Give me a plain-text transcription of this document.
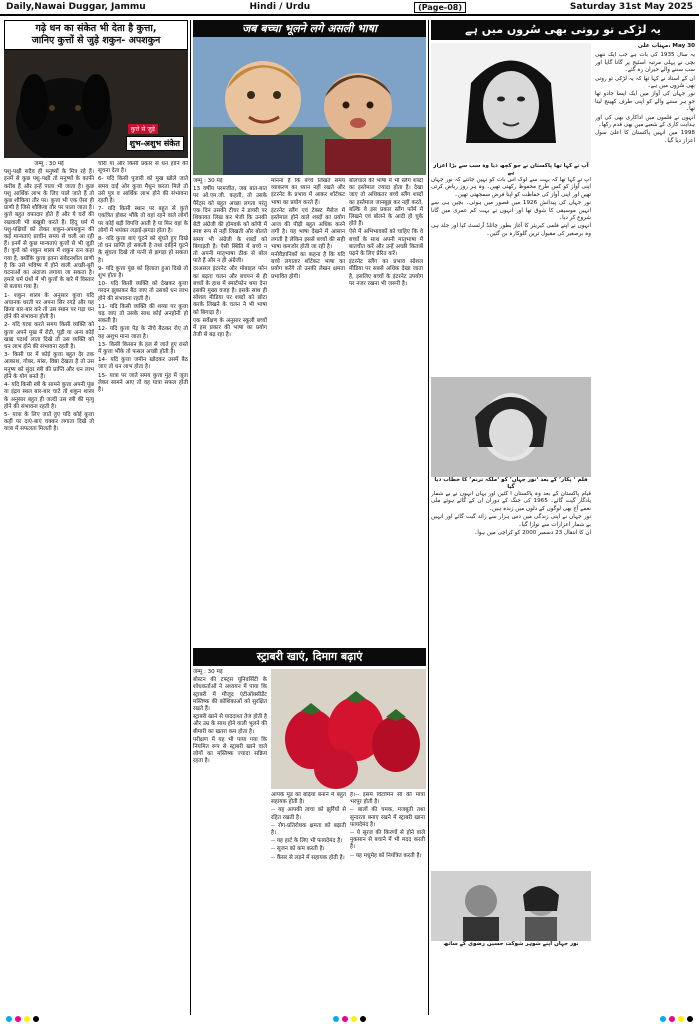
Daily,Nawai Duggar, Jammu	Hindi / Urdu	(Page-08)	Saturday 31st May 2025
गढ़े धन का संकेत भी देता है कुत्ता,
जानिए कुत्तों से जुड़े शकुन- अपशकुन
कुत्ते से जुड़े
शुभ-अशुभ संकेत

जम्मू : 30 मई

पशु-पक्षी सदैव ही मनुष्यों के मित्र रहे हैं। इनमें से कुछ पशु-पक्षी तो मनुष्यों के काफी करीब हैं और इन्हें पाला भी जाता है। कुछ पशु आर्थिक लाभ के लिए पाले जाते हैं तो कुछ शौकिया तौर पर। कुत्ता भी एक ऐसा ही प्राणी है जिसे शौकिया तौर पर पाला जाता है। कुत्ते बहुत वफादार होते हैं और ये घरों की रखवाली भी बखूबी करते हैं। हिंदू धर्म में पशु-पक्षियों को लेकर शकुन-अपशकुन की कई मान्यताएं प्राचीन समय से चली आ रही हैं। इनमें से कुछ मान्यताएं कुत्तों से भी जुड़ी हैं। कुत्ते को शकुन शास्त्र में शकुन रत्न कहा गया है, क्योंकि कुत्ता इतना संवेदनशील प्राणी है कि उसे भविष्य में होने वाली अच्छी-बुरी घटनाओं का अंदाजा लगाया जा सकता है। हमारे धर्म ग्रंथों में भी कुत्तों के बारे में विस्तार से बताया गया है।

1- शकुन शास्त्र के अनुसार कुत्ता यदि अचानक धरती पर अपना सिर रगड़े और यह क्रिया बार-बार करे तो उस स्थान पर गड़ा धन होने की संभावना होती है।

2- यदि यात्रा करते समय किसी व्यक्ति को कुत्ता अपने मुख में रोटी, पूड़ी या अन्य कोई खाद्य पदार्थ लाता दिखे तो उस व्यक्ति को धन लाभ होने की संभावना रहती है।

3- किसी घर में कोई कुत्ता बहुत देर तक आकाश, गोबर, मांस, विष्ठा देखता है तो उस मनुष्य को सुंदर स्त्री की प्राप्ति और धन लाभ होने के योग बनते हैं।

4- यदि किसी स्त्री के सामने कुत्ता अपनी पूंछ या इंद्रय स्थल बार-बार चाटे तो शकुन शास्त्र के अनुसार बहुत ही जल्दी उस स्त्री की मृत्यु होने की संभावना रहती है।

5- यात्रा के लिए जाते हुए यदि कोई कुत्ता कहीं पर दाएं-बाएं चक्कर लगाता दिखे तो यात्रा में सफलता मिलती है।

चोरी या और किसी प्रकार से धन हानि की सूचना देता है।

6- यदि किसी पुजारी को मुख खोले जाते समय दाईं ओर कुत्ता मैथुन करता मिले तो उसे पुत्र व आर्थिक लाभ होने की संभावना रहती है।

7- यदि किसी स्थान पर बहुत से कुत्ते एकत्रित होकर भौंकें तो वहां रहने वाले लोगों पर कोई बड़ी विपत्ति आती है या फिर वहां के लोगों में भयंकर लड़ाई-झगड़ा होता है।

8- यदि कुत्ता बाएं घुटने को सूंघते हुए दिखे तो धन प्राप्ति हो सकती है तथा दाहिने घुटने के सूंघता दिखे तो पत्नी से झगड़ा हो सकता है।

9- यदि कुत्ता पूंछ को हिलाता हुआ दिखे तो शुभ होता है।

10- यदि किसी व्यक्ति को देखकर कुत्ता गरदन झुकाकर बैठ जाए तो उसको धन लाभ होने की संभावना रहती है।

11- यदि किसी व्यक्ति की शय्या पर कुत्ता चढ़ जाए तो उसके साथ कोई अनहोनी हो सकती है।

12- यदि कुत्ता पेड़ के नीचे बैठकर रोए तो यह अशुभ माना जाता है।

13- किसी किसान के हल से जाते हुए रास्ते में कुत्ता भौंके तो फसल अच्छी होती है।

14- यदि कुत्ता जमीन खोदकर उसमें बैठ जाए तो धन लाभ होता है।

15- यात्रा पर जाते समय कुत्ता मुंह में जूता लेकर सामने आए तो वह यात्रा सफल होती है।

जब बच्चा भूलने लगे असली भाषा

जम्मू : 30 मई

13 वर्षीय परमजीत, जब बात-बात पर ओ.एम.जी. कहती, तो उसके पैरेंट्स को बहुत अच्छा लगता परंतु एक दिन उसकी टीचर ने डायरी पर शिकायत लिख कर भेजी कि उनकी बेटी अंग्रेजी की होमवर्क को कॉपी में स्पष्ट रूप से नहीं लिखती और बोलते समय भी अंग्रेजी के शब्दों को बिगाड़ती है। ऐसी स्थिति में बच्चे न तो अपनी मातृभाषा ठीक से बोल पाते हैं और न ही अंग्रेजी।

दरअसल इंटरनेट और मोबाइल फोन का बढ़ता चलन और बचपन से ही बच्चों के हाथ में स्मार्टफोन थमा देना इसकी मुख्य वजह है। इसके साथ ही सोशल मीडिया पर शब्दों को छोटा करके लिखने के चलन ने भी भाषा को बिगाड़ा है।

एक सर्वेक्षण के अनुसार स्कूली बच्चों में इस प्रकार की भाषा का प्रयोग तेजी से बढ़ रहा है।

मानना है कि बच्चे लिखते समय व्याकरण का ध्यान नहीं रखते और इंटरनेट के प्रभाव में आकर शॉर्टकट भाषा का प्रयोग करते हैं।

इंटरनेट स्लैंग एवं टेक्स्ट मैसेज में इस्तेमाल होने वाले शब्दों का प्रयोग आज की पीढ़ी बहुत अधिक करने लगी है। यह भाषा देखने में आसान लगती है लेकिन इससे बच्चों की सही भाषा कमजोर होती जा रही है।

मनोवैज्ञानिकों का कहना है कि यदि बच्चे लगातार शॉर्टकट भाषा का प्रयोग करेंगे तो उनकी लेखन क्षमता प्रभावित होगी।

बोलचाल की भाषा में भी स्लैंग शब्दों का इस्तेमाल ज्यादा होता है। देखा जाए तो अधिकतर बच्चे स्लैंग शब्दों का इस्तेमाल जानबूझ कर नहीं करते, बल्कि वे इस प्रकार स्लैंग फॉर्म में लिखने एवं बोलने के आदी हो चुके होते हैं।

ऐसे में अभिभावकों को चाहिए कि वे बच्चों के साथ अपनी मातृभाषा में बातचीत करें और उन्हें अच्छी किताबें पढ़ने के लिए प्रेरित करें।

इंटरनेट स्लैंग का प्रभाव सोशल मीडिया पर सबसे अधिक देखा जाता है, इसलिए बच्चों के इंटरनेट उपयोग पर नजर रखना भी जरूरी है।

स्ट्राबरी खाएं, दिमाग बढ़ाएं

जम्मू : 30 मई

बोस्टन की टफ्ट्स यूनिवर्सिटी के शोधकर्ताओं ने अध्ययन में पाया कि स्ट्राबरी में मौजूद एंटीऑक्सीडेंट मस्तिष्क की कोशिकाओं को सुरक्षित रखते हैं।

स्ट्राबरी खाने से याददाश्त तेज होती है और उम्र के साथ होने वाली भूलने की बीमारी का खतरा कम होता है।

परीक्षण में यह भी पाया गया कि नियमित रूप से स्ट्राबरी खाने वाले लोगों का मस्तिष्क ज्यादा सक्रिय रहता है।

आपके मूड को बढ़िया बनाने में बहुत सहायक होती है।

-- यह आपकी त्वचा को झुर्रियों से रहित रखती है।

-- रोग-प्रतिरोधक क्षमता को बढ़ाती है।

-- यह हार्ट के लिए भी फायदेमंद है।

-- सूजन को कम करती है।

-- कैंसर से लड़ने में सहायक होती है।

है।-- इसमें विटामिन सी की मात्रा भरपूर होती है।

-- बालों की चमक, मजबूती तथा सुन्दरता बनाए रखने में स्ट्राबरी खाना फायदेमंद है।

-- ये सूरज की किरणों से होने वाले नुकसान से बचाने में भी मदद करती है।

-- यह मधुमेह को नियंत्रित करती है।

یہ لڑکی تو روتی بھی سُروں میں ہے
آپ نے کہا تھا پاکستان نے جو کچھ دیا وہ سب سے بڑا اعزاز ہے

آپ نے کہا تھا کہ بہت سے لوگ اس بات کو نہیں جانتے کہ نور جہاں اپنی آواز کو کس طرح محفوظ رکھتی تھیں۔ وہ ہر روز ریاض کرتی تھیں اور اپنی آواز کی حفاظت کو اپنا فرض سمجھتی تھیں۔

نور جہاں کی پیدائش 1926 میں قصور میں ہوئی۔ بچپن ہی سے انہیں موسیقی کا شوق تھا اور انہوں نے بہت کم عمری میں گانا شروع کر دیا۔

انہوں نے اپنے فلمی کیریئر کا آغاز بطور چائلڈ آرٹسٹ کیا اور جلد ہی وہ برصغیر کی مقبول ترین گلوکارہ بن گئیں۔

فلم ‘ پکار’ کے بعد ‘نور جہاں’ کو ‘ملکہ ترنم’ کا خطاب دیا گیا

قیام پاکستان کے بعد وہ پاکستان آ گئیں اور یہاں انہوں نے بے شمار یادگار گیت گائے۔ 1965 کی جنگ کے دوران ان کے گائے ہوئے ملی نغمے آج بھی لوگوں کے دلوں میں زندہ ہیں۔

نور جہاں نے اپنی زندگی میں دس ہزار سے زائد گیت گائے اور انہیں بے شمار اعزازات سے نوازا گیا۔

ان کا انتقال 23 دسمبر 2000 کو کراچی میں ہوا۔

نور جہاں اپنے شوہر شوکت حسین رضوی کے ساتھ
30 May ،مہتاب علی

یہ سال 1935 کی بات ہے جب ایک ننھی بچی نے پہلی مرتبہ اسٹیج پر گانا گایا اور سب سننے والے حیران رہ گئے۔

ان کے استاد نے کہا تھا کہ یہ لڑکی تو روتی بھی سُروں میں ہے۔

نور جہاں کی آواز میں ایک ایسا جادو تھا جو ہر سننے والے کو اپنی طرف کھینچ لیتا تھا۔

انہوں نے فلموں میں اداکاری بھی کی اور ہدایت کاری کے شعبے میں بھی قدم رکھا۔

1998 میں انہیں پاکستان کا اعلیٰ سول اعزاز دیا گیا۔
